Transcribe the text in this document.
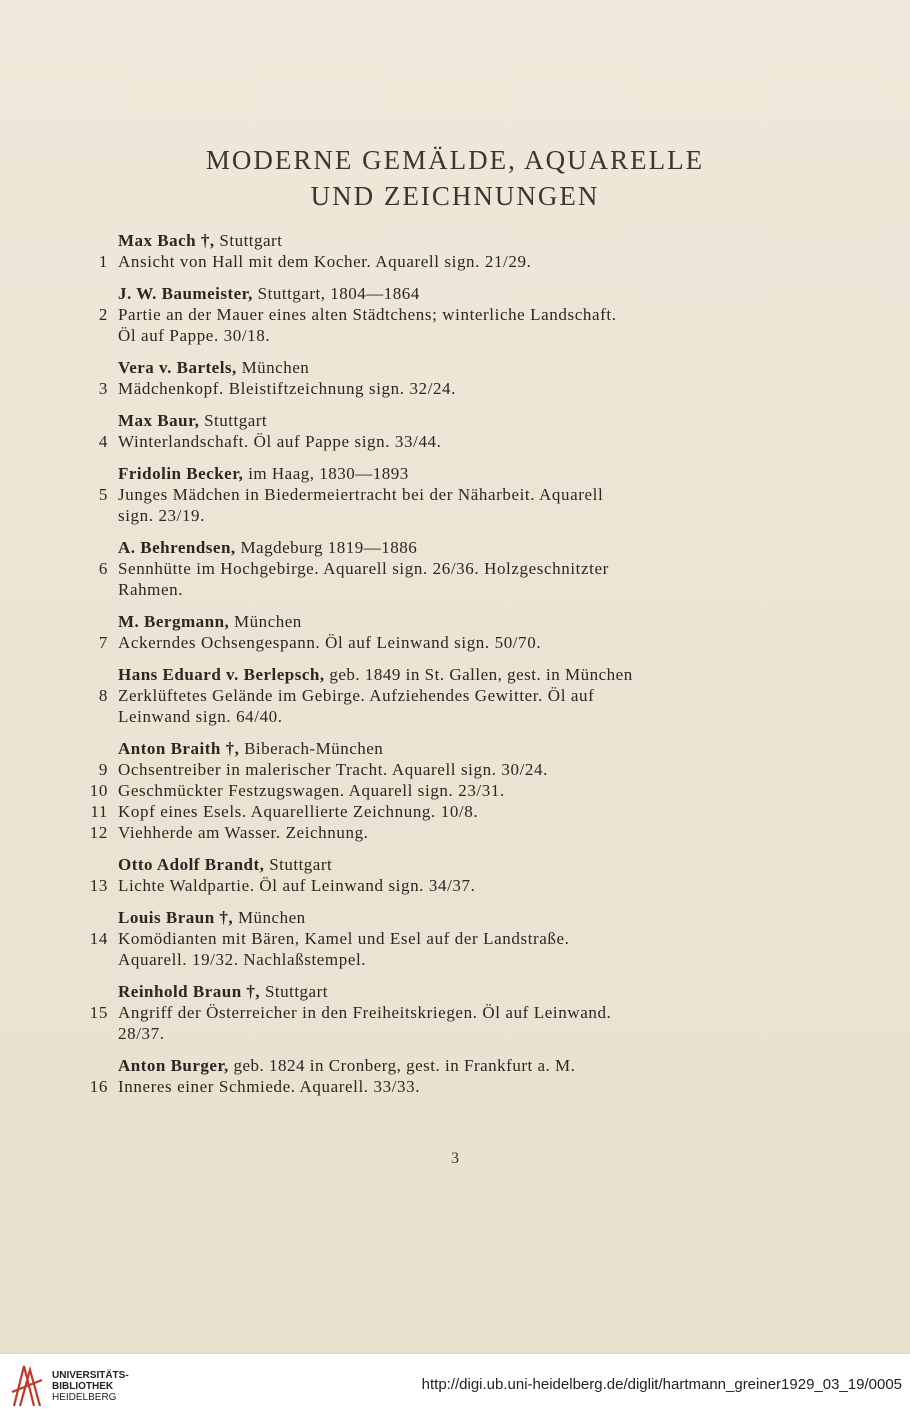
MODERNE GEMÄLDE, AQUARELLE
UND ZEICHNUNGEN
Max Bach †, Stuttgart
1 Ansicht von Hall mit dem Kocher. Aquarell sign. 21/29.
J. W. Baumeister, Stuttgart, 1804—1864
2 Partie an der Mauer eines alten Städtchens; winterliche Landschaft.
Öl auf Pappe. 30/18.
Vera v. Bartels, München
3 Mädchenkopf. Bleistiftzeichnung sign. 32/24.
Max Baur, Stuttgart
4 Winterlandschaft. Öl auf Pappe sign. 33/44.
Fridolin Becker, im Haag, 1830—1893
5 Junges Mädchen in Biedermeiertracht bei der Näharbeit. Aquarell
sign. 23/19.
A. Behrendsen, Magdeburg 1819—1886
6 Sennhütte im Hochgebirge. Aquarell sign. 26/36. Holzgeschnitzter
Rahmen.
M. Bergmann, München
7 Ackerndes Ochsengespann. Öl auf Leinwand sign. 50/70.
Hans Eduard v. Berlepsch, geb. 1849 in St. Gallen, gest. in München
8 Zerklüftetes Gelände im Gebirge. Aufziehendes Gewitter. Öl auf
Leinwand sign. 64/40.
Anton Braith †, Biberach-München
9 Ochsentreiber in malerischer Tracht. Aquarell sign. 30/24.
10 Geschmückter Festzugswagen. Aquarell sign. 23/31.
11 Kopf eines Esels. Aquarellierte Zeichnung. 10/8.
12 Viehherde am Wasser. Zeichnung.
Otto Adolf Brandt, Stuttgart
13 Lichte Waldpartie. Öl auf Leinwand sign. 34/37.
Louis Braun †, München
14 Komödianten mit Bären, Kamel und Esel auf der Landstraße.
Aquarell. 19/32. Nachlaßstempel.
Reinhold Braun †, Stuttgart
15 Angriff der Österreicher in den Freiheitskriegen. Öl auf Leinwand.
28/37.
Anton Burger, geb. 1824 in Cronberg, gest. in Frankfurt a. M.
16 Inneres einer Schmiede. Aquarell. 33/33.
3
UNIVERSITÄTS-
BIBLIOTHEK
HEIDELBERG
http://digi.ub.uni-heidelberg.de/diglit/hartmann_greiner1929_03_19/0005
